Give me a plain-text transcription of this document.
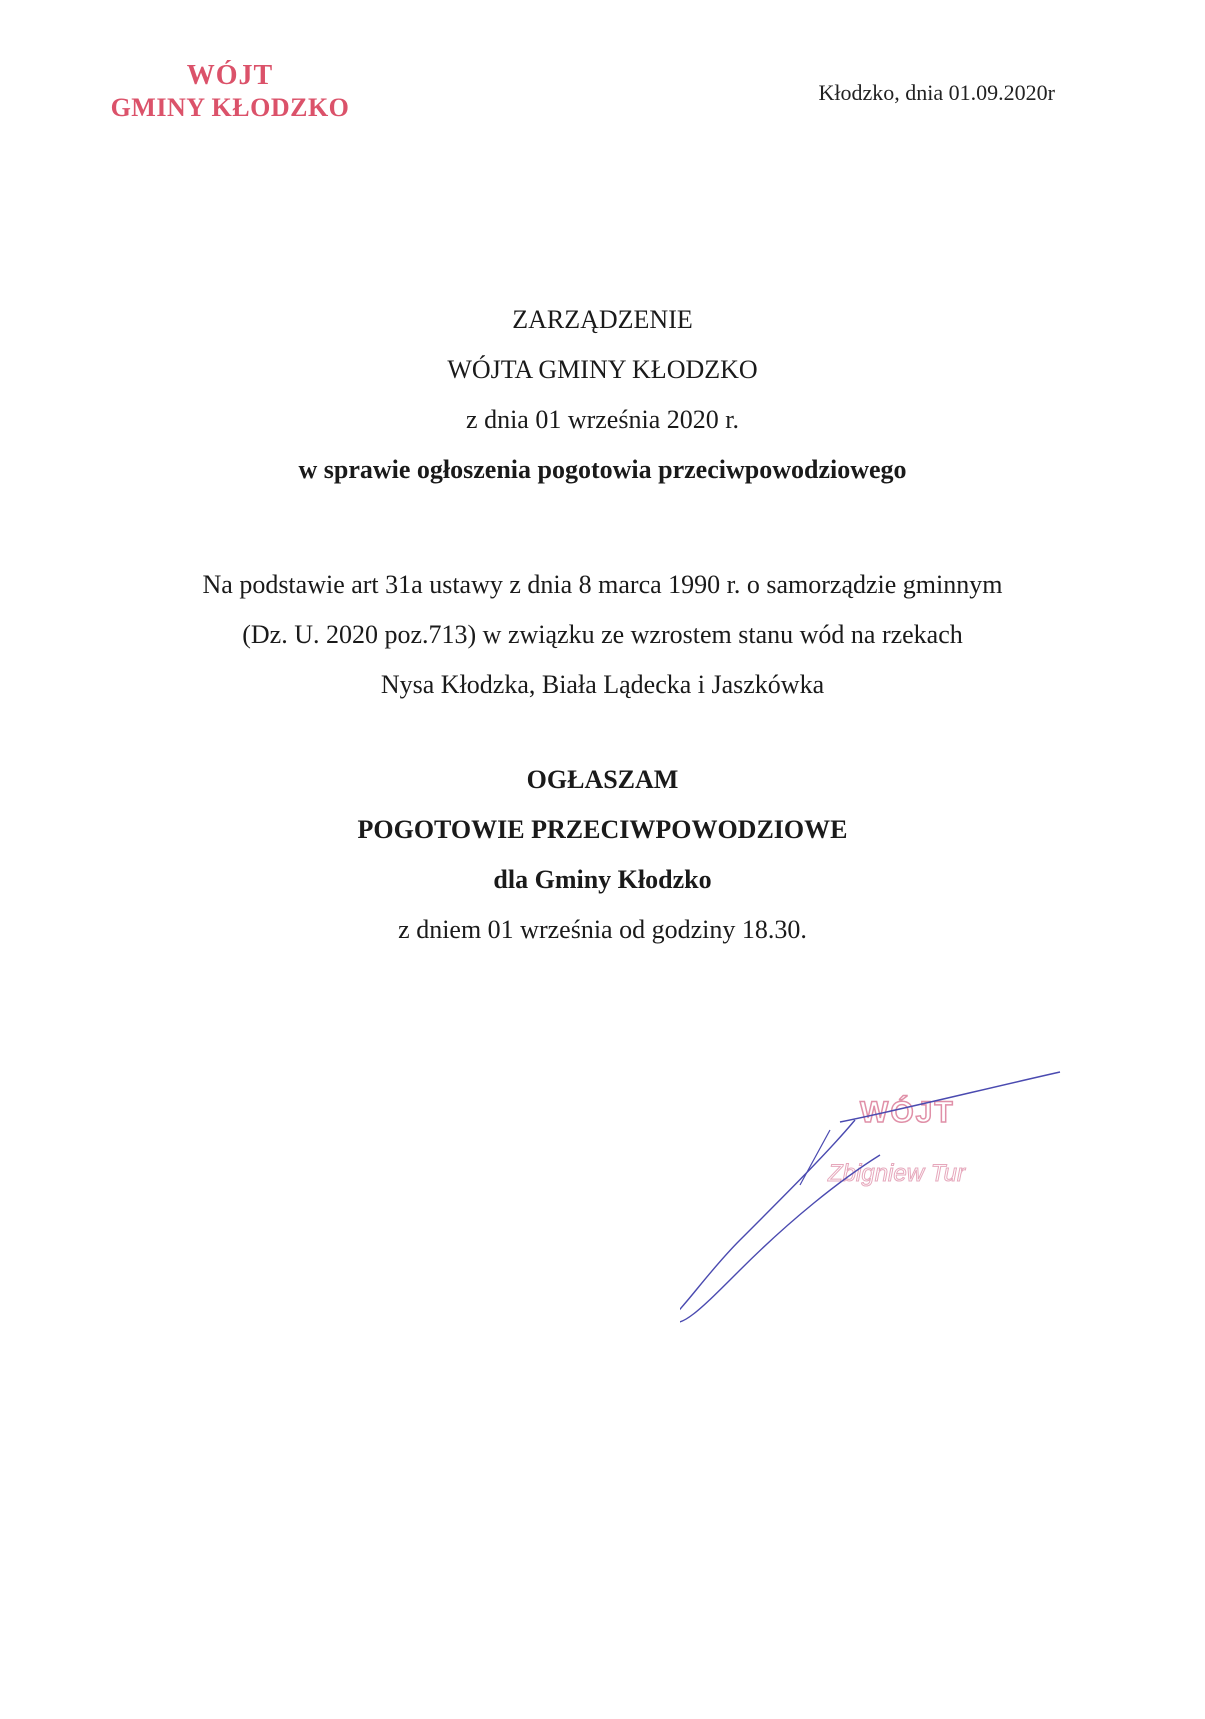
WÓJT
GMINY KŁODZKO
Kłodzko, dnia 01.09.2020r
ZARZĄDZENIE
WÓJTA GMINY KŁODZKO
z dnia 01 września 2020 r.
w sprawie ogłoszenia pogotowia przeciwpowodziowego
Na podstawie art 31a ustawy z dnia 8 marca 1990 r. o samorządzie gminnym
(Dz. U. 2020 poz.713) w związku ze wzrostem stanu wód na rzekach
Nysa Kłodzka, Biała Lądecka i Jaszkówka
OGŁASZAM
POGOTOWIE PRZECIWPOWODZIOWE
dla Gminy Kłodzko
z dniem 01 września od godziny 18.30.
WÓJT
Zbigniew Tur
